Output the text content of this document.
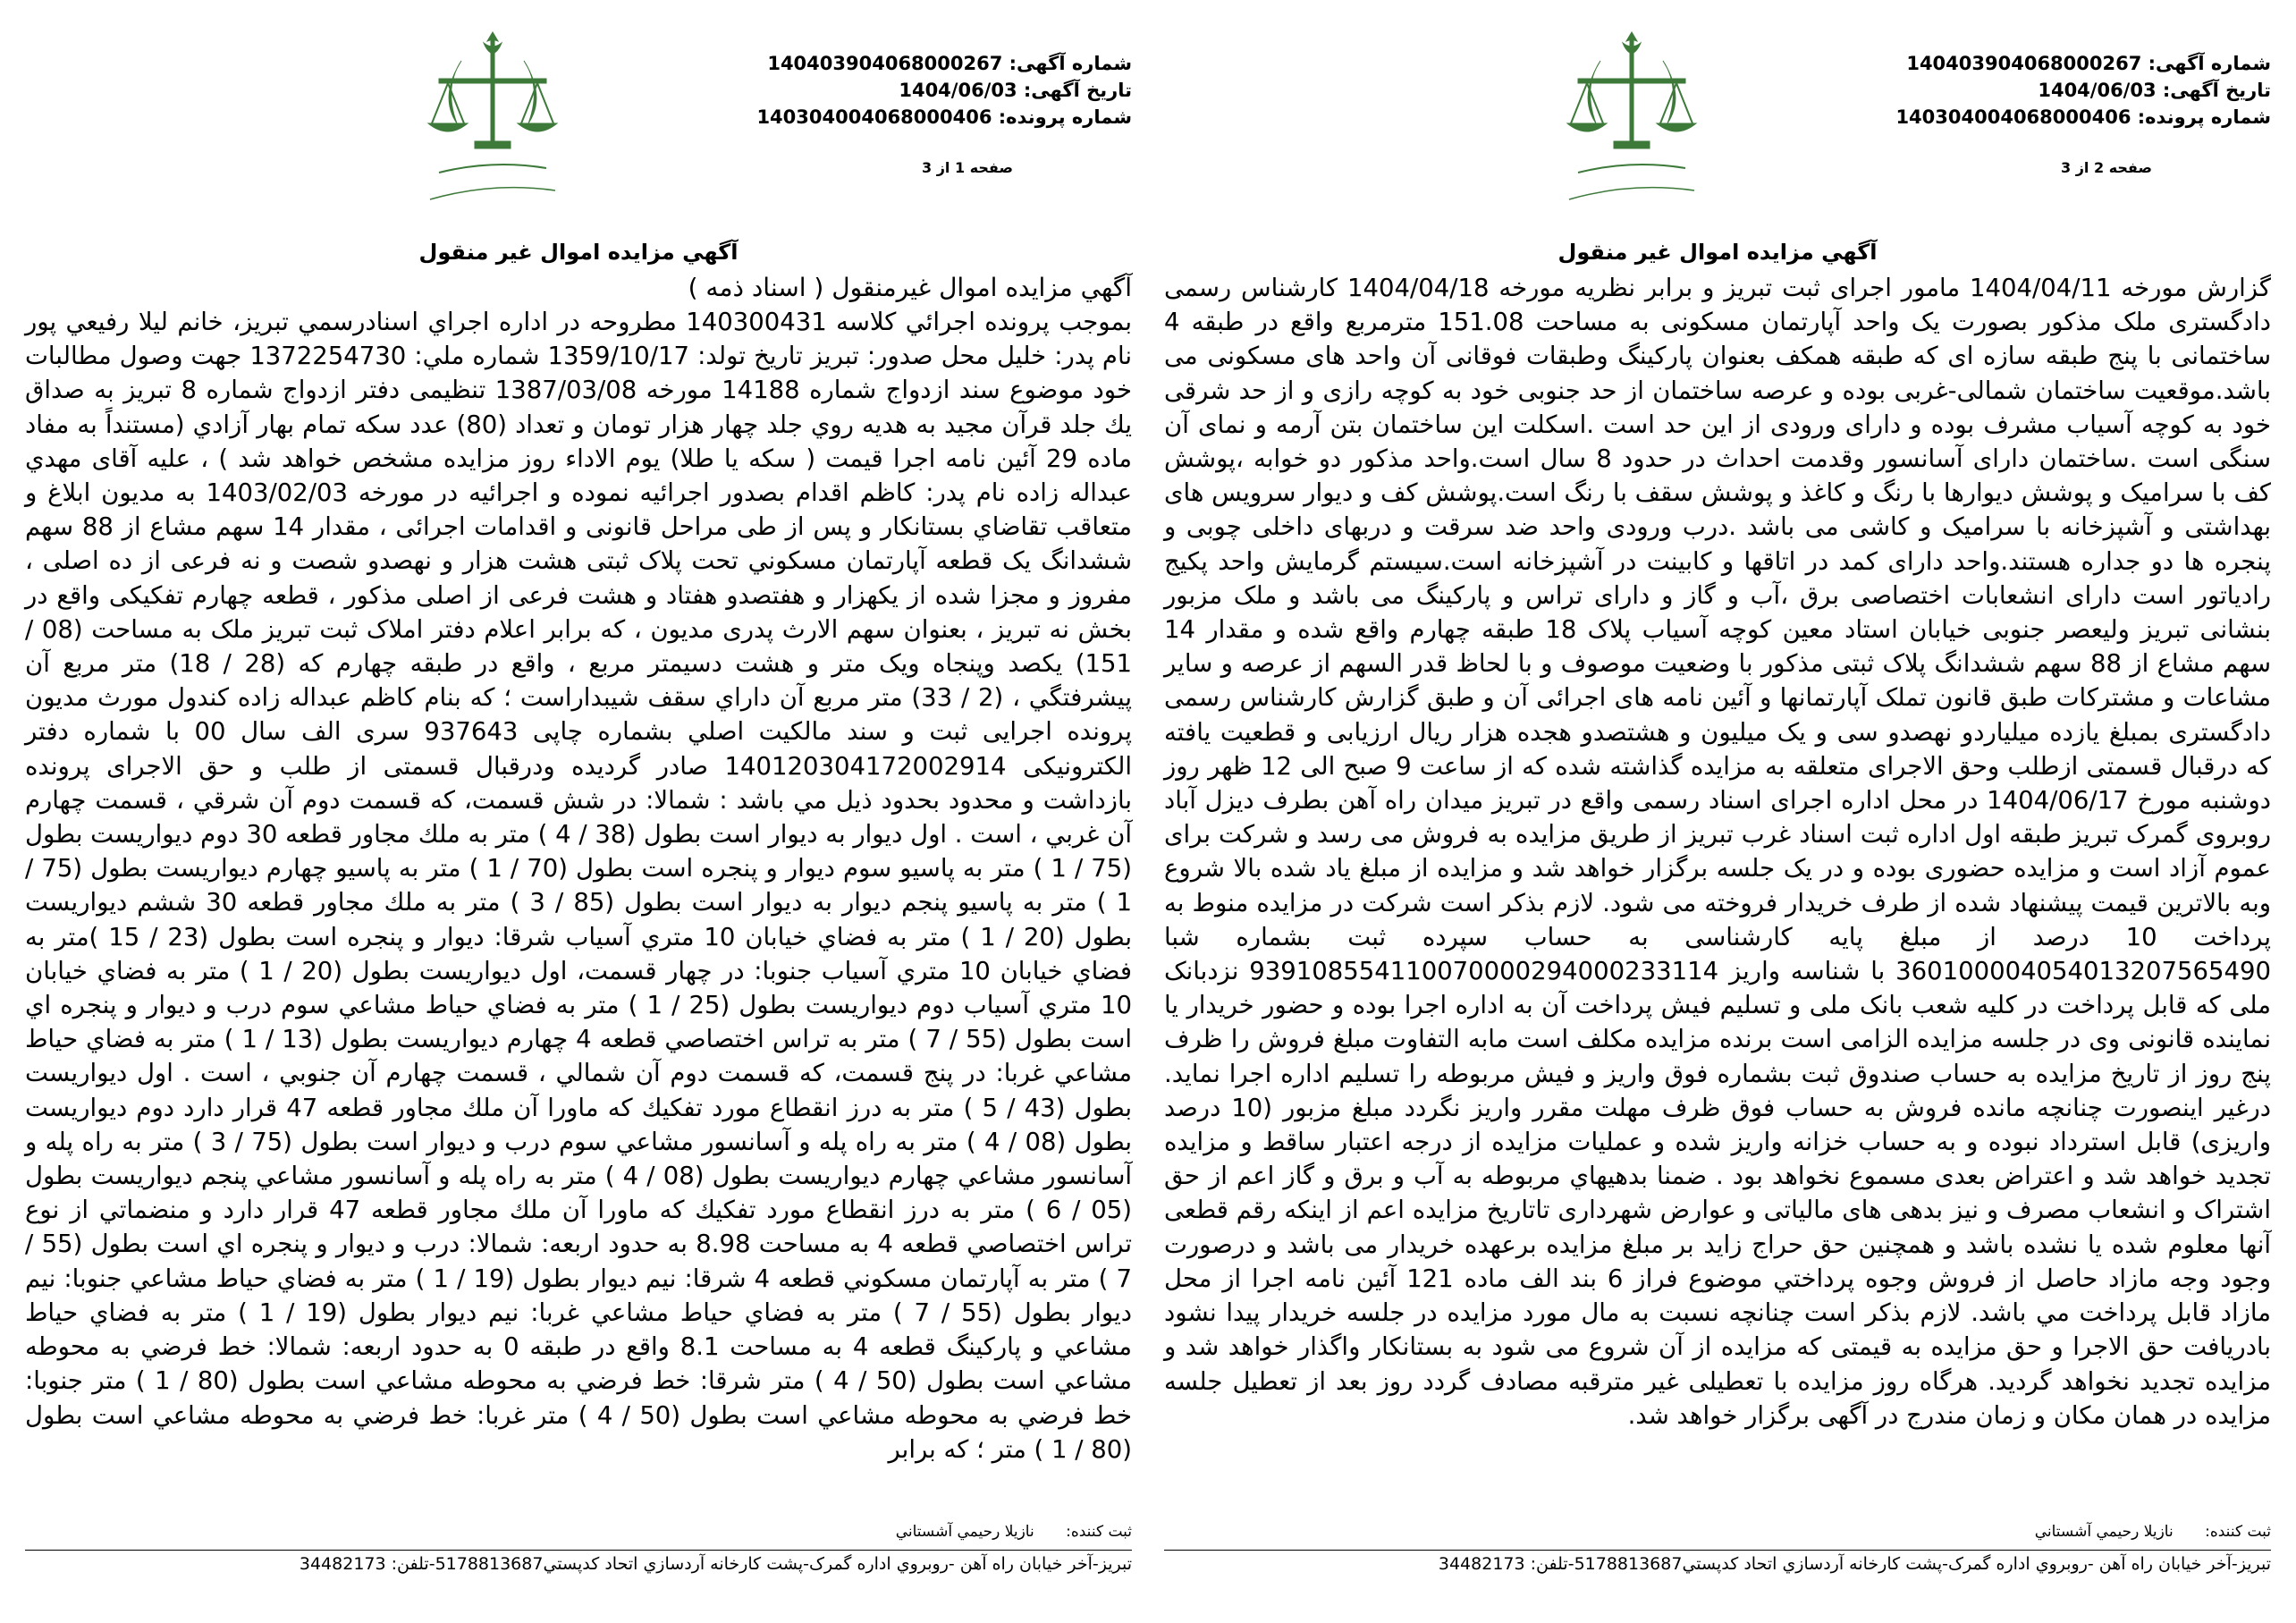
شماره آگهی: 140403904068000267
تاریخ آگهی: 1404/06/03
شماره پرونده: 140304004068000406
صفحه 1 از 3
آگهي مزايده اموال غير منقول

آگهي مزايده اموال غيرمنقول ( اسناد ذمه )

بموجب پرونده اجرائي كلاسه 140300431 مطروحه در اداره اجراي اسنادرسمي تبريز، خانم ليلا رفيعي پور نام پدر: خليل محل صدور: تبريز تاريخ تولد: 1359/10/17 شماره ملي: 1372254730 جهت وصول مطالبات خود موضوع سند ازدواج شماره 14188 مورخه 1387/03/08 تنظيمی دفتر ازدواج شماره 8 تبريز به صداق يك جلد قرآن مجيد به هديه روي جلد چهار هزار تومان و تعداد (80) عدد سكه تمام بهار آزادي (مستنداً به مفاد ماده 29 آئين نامه اجرا قيمت ( سكه يا طلا) يوم الاداء روز مزايده مشخص خواهد شد ) ، عليه آقای مهدي عبداله زاده نام پدر: كاظم اقدام بصدور اجرائيه نموده و اجرائيه در مورخه 1403/02/03 به مديون ابلاغ و متعاقب تقاضاي بستانكار و پس از طی مراحل قانونی و اقدامات اجرائی ، مقدار 14 سهم مشاع از 88 سهم ششدانگ يک قطعه آپارتمان مسكوني تحت پلاک ثبتی هشت هزار و نهصدو شصت و نه فرعی از ده اصلی ، مفروز و مجزا شده از يكهزار و هفتصدو هفتاد و هشت فرعی از اصلی مذكور ، قطعه چهارم تفكيكی واقع در بخش نه تبريز ، بعنوان سهم الارث پدری مديون ، كه برابر اعلام دفتر املاک ثبت تبريز ملک به مساحت (08 / 151) يكصد وپنجاه ويک متر و هشت دسيمتر مربع ، واقع در طبقه چهارم كه (28 / 18) متر مربع آن پيشرفتگي ، (2 / 33) متر مربع آن داراي سقف شيبداراست ؛ كه بنام كاظم عبداله زاده كندول مورث مديون پرونده اجرايی ثبت و سند مالكيت اصلي بشماره چاپی 937643 سری الف سال 00 با شماره دفتر الكترونيكی 140120304172002914 صادر گرديده ودرقبال قسمتی از طلب و حق الاجرای پرونده بازداشت و محدود بحدود ذيل مي باشد : شمالا: در شش قسمت، كه قسمت دوم آن شرقي ، قسمت چهارم آن غربي ، است . اول ديوار به ديوار است بطول (38 / 4 ) متر به ملك مجاور قطعه 30 دوم ديواريست بطول (75 / 1 ) متر به پاسيو سوم ديوار و پنجره است بطول (70 / 1 ) متر به پاسيو چهارم ديواريست بطول (75 / 1 ) متر به پاسيو پنجم ديوار به ديوار است بطول (85 / 3 ) متر به ملك مجاور قطعه 30 ششم ديواريست بطول (20 / 1 ) متر به فضاي خيابان 10 متري آسياب شرقا: ديوار و پنجره است بطول (23 / 15 )متر به فضاي خيابان 10 متري آسياب جنوبا: در چهار قسمت، اول ديواريست بطول (20 / 1 ) متر به فضاي خيابان 10 متري آسياب دوم ديواريست بطول (25 / 1 ) متر به فضاي حياط مشاعي سوم درب و ديوار و پنجره اي است بطول (55 / 7 ) متر به تراس اختصاصي قطعه 4 چهارم ديواريست بطول (13 / 1 ) متر به فضاي حياط مشاعي غربا: در پنج قسمت، كه قسمت دوم آن شمالي ، قسمت چهارم آن جنوبي ، است . اول ديواريست بطول (43 / 5 ) متر به درز انقطاع مورد تفكيك كه ماورا آن ملك مجاور قطعه 47 قرار دارد دوم ديواريست بطول (08 / 4 ) متر به راه پله و آسانسور مشاعي سوم درب و ديوار است بطول (75 / 3 ) متر به راه پله و آسانسور مشاعي چهارم ديواريست بطول (08 / 4 ) متر به راه پله و آسانسور مشاعي پنجم ديواريست بطول (05 / 6 ) متر به درز انقطاع مورد تفكيك كه ماورا آن ملك مجاور قطعه 47 قرار دارد و منضماتي از نوع تراس اختصاصي قطعه 4 به مساحت 8.98 به حدود اربعه: شمالا: درب و ديوار و پنجره اي است بطول (55 / 7 ) متر به آپارتمان مسكوني قطعه 4 شرقا: نيم ديوار بطول (19 / 1 ) متر به فضاي حياط مشاعي جنوبا: نيم ديوار بطول (55 / 7 ) متر به فضاي حياط مشاعي غربا: نيم ديوار بطول (19 / 1 ) متر به فضاي حياط مشاعي و پاركينگ قطعه 4 به مساحت 8.1 واقع در طبقه 0 به حدود اربعه: شمالا: خط فرضي به محوطه مشاعي است بطول (50 / 4 ) متر شرقا: خط فرضي به محوطه مشاعي است بطول (80 / 1 ) متر جنوبا: خط فرضي به محوطه مشاعي است بطول (50 / 4 ) متر غربا: خط فرضي به محوطه مشاعي است بطول (80 / 1 ) متر ؛ كه برابر

ثبت کننده: نازیلا رحیمي آشستاني
تبريز-آخر خيابان راه آهن -روبروي اداره گمرک-پشت کارخانه آردسازي اتحاد کدپستي5178813687-تلفن: 34482173
شماره آگهی: 140403904068000267
تاریخ آگهی: 1404/06/03
شماره پرونده: 140304004068000406
صفحه 2 از 3
آگهي مزايده اموال غير منقول

گزارش مورخه 1404/04/11 مامور اجرای ثبت تبريز و برابر نظريه مورخه 1404/04/18 كارشناس رسمی دادگستری ملک مذكور بصورت يک واحد آپارتمان مسكونی به مساحت 151.08 مترمربع واقع در طبقه 4 ساختمانی با پنج طبقه سازه ای كه طبقه همكف بعنوان پاركينگ وطبقات فوقانی آن واحد های مسكونی می باشد.موقعيت ساختمان شمالی-غربی بوده و عرصه ساختمان از حد جنوبی خود به كوچه رازی و از حد شرقی خود به كوچه آسياب مشرف بوده و دارای ورودی از اين حد است .اسكلت اين ساختمان بتن آرمه و نمای آن سنگی است .ساختمان دارای آسانسور وقدمت احداث در حدود 8 سال است.واحد مذكور دو خوابه ،پوشش كف با سراميک و پوشش ديوارها با رنگ و كاغذ و پوشش سقف با رنگ است.پوشش كف و ديوار سرويس های بهداشتی و آشپزخانه با سراميک و كاشی می باشد .درب ورودی واحد ضد سرقت و دربهای داخلی چوبی و پنجره ها دو جداره هستند.واحد دارای كمد در اتاقها و كابينت در آشپزخانه است.سيستم گرمايش واحد پكيج رادياتور است دارای انشعابات اختصاصی برق ،آب و گاز و دارای تراس و پاركينگ می باشد و ملک مزبور بنشانی تبريز وليعصر جنوبی خيابان استاد معين كوچه آسياب پلاک 18 طبقه چهارم واقع شده و مقدار 14 سهم مشاع از 88 سهم ششدانگ پلاک ثبتی مذكور با وضعيت موصوف و با لحاظ قدر السهم از عرصه و ساير مشاعات و مشتركات طبق قانون تملک آپارتمانها و آئين نامه های اجرائی آن و طبق گزارش كارشناس رسمی دادگستری بمبلغ يازده ميلياردو نهصدو سی و يک ميليون و هشتصدو هجده هزار ريال ارزيابی و قطعيت يافته كه درقبال قسمتی ازطلب وحق الاجرای متعلقه به مزايده گذاشته شده كه از ساعت 9 صبح الی 12 ظهر روز دوشنبه مورخ 1404/06/17 در محل اداره اجرای اسناد رسمی واقع در تبريز ميدان راه آهن بطرف ديزل آباد روبروی گمرک تبريز طبقه اول اداره ثبت اسناد غرب تبريز از طريق مزايده به فروش می رسد و شركت برای عموم آزاد است و مزايده حضوری بوده و در يک جلسه برگزار خواهد شد و مزايده از مبلغ ياد شده بالا شروع وبه بالاترين قيمت پيشنهاد شده از طرف خريدار فروخته می شود. لازم بذكر است شركت در مزايده منوط به پرداخت 10 درصد از مبلغ پايه كارشناسی به حساب سپرده ثبت بشماره شبا 360100004054013207565490 با شناسه واريز 939108554110070000294000233114 نزدبانک ملی كه قابل پرداخت در كليه شعب بانک ملی و تسليم فيش پرداخت آن به اداره اجرا بوده و حضور خريدار يا نماينده قانونی وی در جلسه مزايده الزامی است برنده مزايده مكلف است مابه التفاوت مبلغ فروش را ظرف پنج روز از تاريخ مزايده به حساب صندوق ثبت بشماره فوق واريز و فيش مربوطه را تسليم اداره اجرا نمايد. درغير اينصورت چنانچه مانده فروش به حساب فوق ظرف مهلت مقرر واريز نگردد مبلغ مزبور (10 درصد واريزی) قابل استرداد نبوده و به حساب خزانه واريز شده و عمليات مزايده از درجه اعتبار ساقط و مزايده تجديد خواهد شد و اعتراض بعدی مسموع نخواهد بود . ضمنا بدهيهاي مربوطه به آب و برق و گاز اعم از حق اشتراک و انشعاب مصرف و نيز بدهی های مالياتی و عوارض شهرداری تاتاريخ مزايده اعم از اينكه رقم قطعی آنها معلوم شده يا نشده باشد و همچنين حق حراج زايد بر مبلغ مزايده برعهده خريدار می باشد و درصورت وجود وجه مازاد حاصل از فروش وجوه پرداختي موضوع فراز 6 بند الف ماده 121 آئين نامه اجرا از محل مازاد قابل پرداخت مي باشد. لازم بذكر است چنانچه نسبت به مال مورد مزايده در جلسه خريدار پيدا نشود بادريافت حق الاجرا و حق مزايده به قيمتی كه مزايده از آن شروع می شود به بستانكار واگذار خواهد شد و مزايده تجديد نخواهد گرديد. هرگاه روز مزايده با تعطيلی غير مترقبه مصادف گردد روز بعد از تعطيل جلسه مزايده در همان مكان و زمان مندرج در آگهی برگزار خواهد شد.

ثبت کننده: نازیلا رحیمي آشستاني
تبريز-آخر خيابان راه آهن -روبروي اداره گمرک-پشت کارخانه آردسازي اتحاد کدپستي5178813687-تلفن: 34482173
